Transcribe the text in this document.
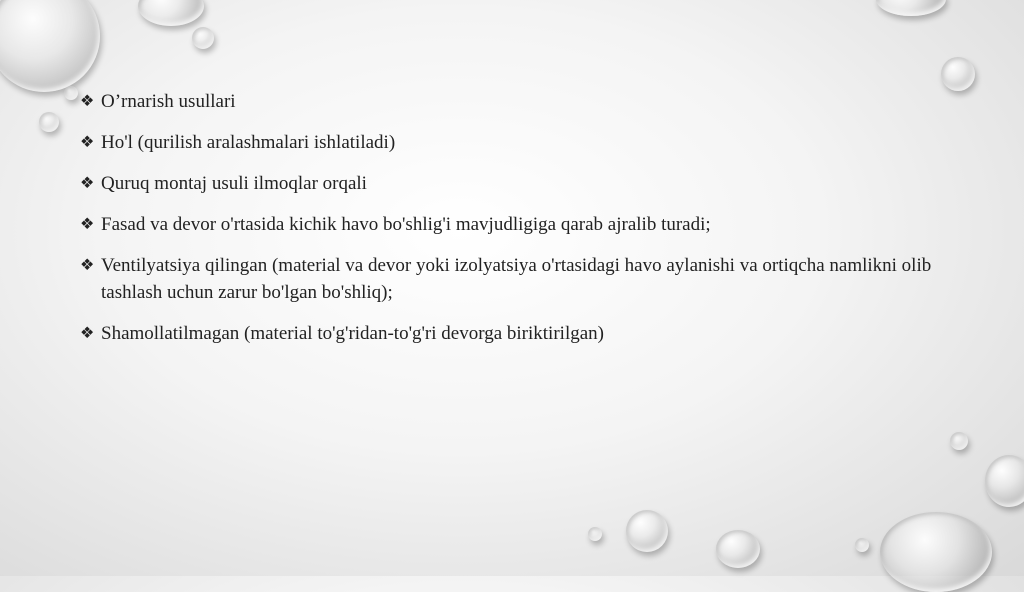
❖ O’rnarish usullari
❖ Ho'l (qurilish aralashmalari ishlatiladi)
❖ Quruq montaj usuli ilmoqlar orqali
❖ Fasad va devor o'rtasida kichik havo bo'shlig'i mavjudligiga qarab ajralib turadi;
❖ Ventilyatsiya qilingan (material va devor yoki izolyatsiya o'rtasidagi havo aylanishi va ortiqcha namlikni olib tashlash uchun zarur bo'lgan bo'shliq);
❖ Shamollatilmagan (material to'g'ridan-to'g'ri devorga biriktirilgan)
